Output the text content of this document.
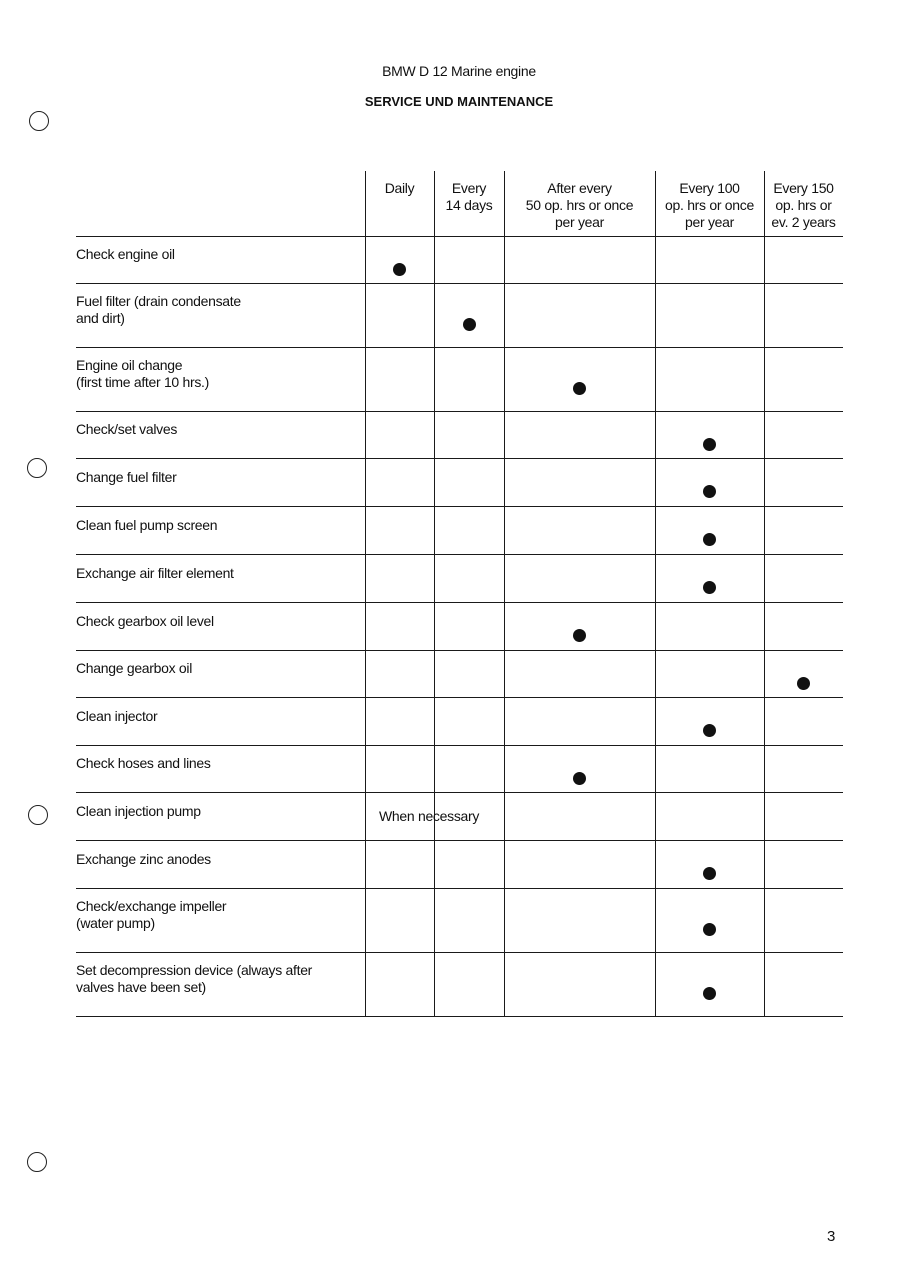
BMW D 12 Marine engine
SERVICE UND MAINTENANCE
Daily	Every
14 days
After every
50 op. hrs or once
per year
Every 100
op. hrs or once
per year
Every 150
op. hrs or
ev. 2 years
Check engine oil
Fuel filter (drain condensate
and dirt)
Engine oil change
(first time after 10 hrs.)
Check/set valves
Change fuel filter
Clean fuel pump screen
Exchange air filter element
Check gearbox oil level
Change gearbox oil
Clean injector
Check hoses and lines
Clean injection pump	When necessary
Exchange zinc anodes
Check/exchange impeller
(water pump)
Set decompression device (always after
valves have been set)
3
